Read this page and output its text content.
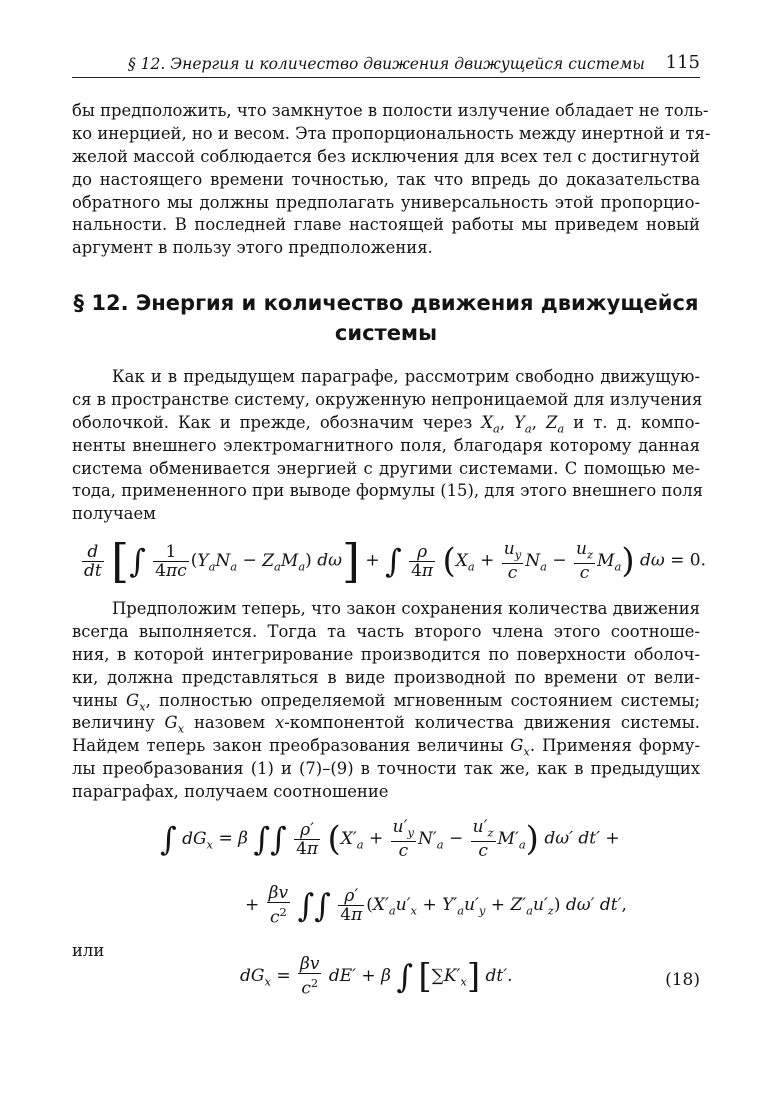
§ 12. Энергия и количество движения движущейся системы 115

бы предположить, что замкнутое в полости излучение обладает не толь-
ко инерцией, но и весом. Эта пропорциональность между инертной и тя-
желой массой соблюдается без исключения для всех тел с достигнутой
до настоящего времени точностью, так что впредь до доказательства
обратного мы должны предполагать универсальность этой пропорцио-
нальности. В последней главе настоящей работы мы приведем новый
аргумент в пользу этого предположения.

§ 12. Энергия и количество движения движущейся
системы

Как и в предыдущем параграфе, рассмотрим свободно движущую-
ся в пространстве систему, окруженную непроницаемой для излучения
оболочкой. Как и прежде, обозначим через $X_a$, $Y_a$, $Z_a$ и т. д. компо-
ненты внешнего электромагнитного поля, благодаря которому данная
система обменивается энергией с другими системами. С помощью ме-
тода, примененного при выводе формулы (15), для этого внешнего поля
получаем

$\frac{d}{dt}$ [∫ $\frac{1}{4\pi c} (Y_aN_a - Z_aM_a) d\omega$] + ∫ $\frac{\rho}{4\pi} (X_a + \frac{u_y}{c} N_a - \frac{u_z}{c} M_a) d\omega = 0$.

Предположим теперь, что закон сохранения количества движения
всегда выполняется. Тогда та часть второго члена этого соотноше-
ния, в которой интегрирование производится по поверхности оболоч-
ки, должна представляться в виде производной по времени от вели-
чины $G_x$, полностью определяемой мгновенным состоянием системы;
величину $G_x$ назовем x-компонентой количества движения системы.
Найдем теперь закон преобразования величины $G_x$. Применяя форму-
лы преобразования (1) и (7)–(9) в точности так же, как в предыдущих
параграфах, получаем соотношение

∫ $dG_x = \beta$ ∫∫ $\frac{\rho'}{4\pi} (X'_a + \frac{u'_y}{c} N'_a - \frac{u'_z}{c} M'_a)$ dω′ dt′ +
+ $\frac{\beta v}{c^2}$ ∫∫ $\frac{\rho'}{4\pi} (X'_au'_x + Y'_au'_y + Z'_au'_z)$ dω′ dt′,
или
$dG_x = \frac{\beta v}{c^2} dE' + \beta$ ∫ $[\sum K'_x]$ dt′.	(18)
